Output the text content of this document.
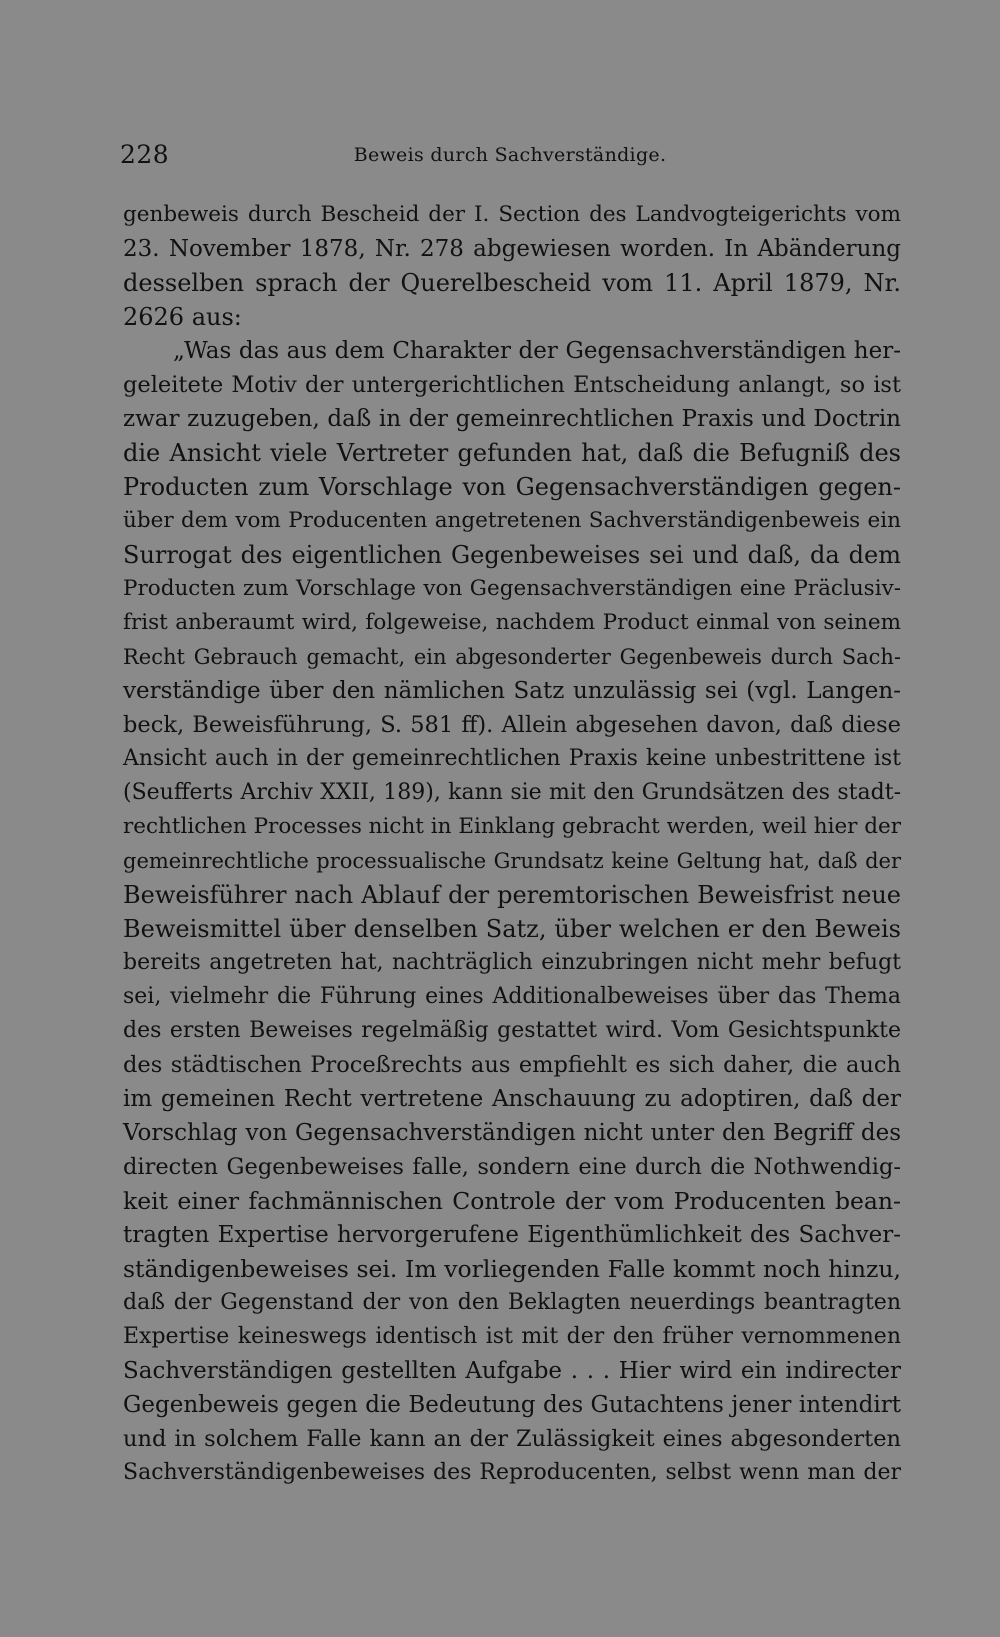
228	Beweis durch Sachverständige.
genbeweis durch Bescheid der I. Section des Landvogteigerichts vom
23. November 1878, Nr. 278 abgewiesen worden. In Abänderung
desselben sprach der Querelbescheid vom 11. April 1879, Nr.
2626 aus:
„Was das aus dem Charakter der Gegensachverständigen her-
geleitete Motiv der untergerichtlichen Entscheidung anlangt, so ist
zwar zuzugeben, daß in der gemeinrechtlichen Praxis und Doctrin
die Ansicht viele Vertreter gefunden hat, daß die Befugniß des
Producten zum Vorschlage von Gegensachverständigen gegen-
über dem vom Producenten angetretenen Sachverständigenbeweis ein
Surrogat des eigentlichen Gegenbeweises sei und daß, da dem
Producten zum Vorschlage von Gegensachverständigen eine Präclusiv-
frist anberaumt wird, folgeweise, nachdem Product einmal von seinem
Recht Gebrauch gemacht, ein abgesonderter Gegenbeweis durch Sach-
verständige über den nämlichen Satz unzulässig sei (vgl. Langen-
beck, Beweisführung, S. 581 ff). Allein abgesehen davon, daß diese
Ansicht auch in der gemeinrechtlichen Praxis keine unbestrittene ist
(Seufferts Archiv XXII, 189), kann sie mit den Grundsätzen des stadt-
rechtlichen Processes nicht in Einklang gebracht werden, weil hier der
gemeinrechtliche processualische Grundsatz keine Geltung hat, daß der
Beweisführer nach Ablauf der peremtorischen Beweisfrist neue
Beweismittel über denselben Satz, über welchen er den Beweis
bereits angetreten hat, nachträglich einzubringen nicht mehr befugt
sei, vielmehr die Führung eines Additionalbeweises über das Thema
des ersten Beweises regelmäßig gestattet wird. Vom Gesichtspunkte
des städtischen Proceßrechts aus empfiehlt es sich daher, die auch
im gemeinen Recht vertretene Anschauung zu adoptiren, daß der
Vorschlag von Gegensachverständigen nicht unter den Begriff des
directen Gegenbeweises falle, sondern eine durch die Nothwendig-
keit einer fachmännischen Controle der vom Producenten bean-
tragten Expertise hervorgerufene Eigenthümlichkeit des Sachver-
ständigenbeweises sei. Im vorliegenden Falle kommt noch hinzu,
daß der Gegenstand der von den Beklagten neuerdings beantragten
Expertise keineswegs identisch ist mit der den früher vernommenen
Sachverständigen gestellten Aufgabe . . . Hier wird ein indirecter
Gegenbeweis gegen die Bedeutung des Gutachtens jener intendirt
und in solchem Falle kann an der Zulässigkeit eines abgesonderten
Sachverständigenbeweises des Reproducenten, selbst wenn man der
